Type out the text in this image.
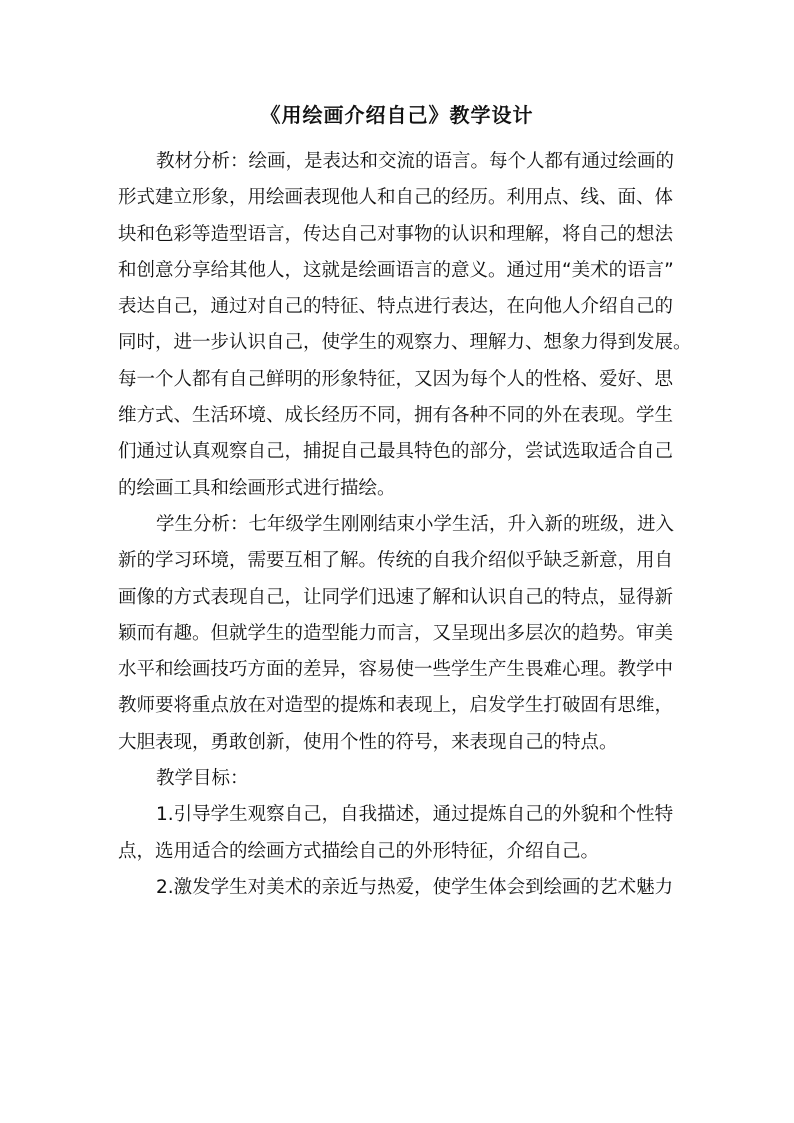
《用绘画介绍自己》教学设计
教材分析：绘画，是表达和交流的语言。每个人都有通过绘画的
形式建立形象，用绘画表现他人和自己的经历。利用点、线、面、体
块和色彩等造型语言，传达自己对事物的认识和理解，将自己的想法
和创意分享给其他人，这就是绘画语言的意义。通过用“美术的语言”
表达自己，通过对自己的特征、特点进行表达，在向他人介绍自己的
同时，进一步认识自己，使学生的观察力、理解力、想象力得到发展。
每一个人都有自己鲜明的形象特征，又因为每个人的性格、爱好、思
维方式、生活环境、成长经历不同，拥有各种不同的外在表现。学生
们通过认真观察自己，捕捉自己最具特色的部分，尝试选取适合自己
的绘画工具和绘画形式进行描绘。
学生分析：七年级学生刚刚结束小学生活，升入新的班级，进入
新的学习环境，需要互相了解。传统的自我介绍似乎缺乏新意，用自
画像的方式表现自己，让同学们迅速了解和认识自己的特点，显得新
颖而有趣。但就学生的造型能力而言，又呈现出多层次的趋势。审美
水平和绘画技巧方面的差异，容易使一些学生产生畏难心理。教学中
教师要将重点放在对造型的提炼和表现上，启发学生打破固有思维，
大胆表现，勇敢创新，使用个性的符号，来表现自己的特点。
教学目标：
1.引导学生观察自己，自我描述，通过提炼自己的外貌和个性特
点，选用适合的绘画方式描绘自己的外形特征，介绍自己。
2.激发学生对美术的亲近与热爱，使学生体会到绘画的艺术魅力
